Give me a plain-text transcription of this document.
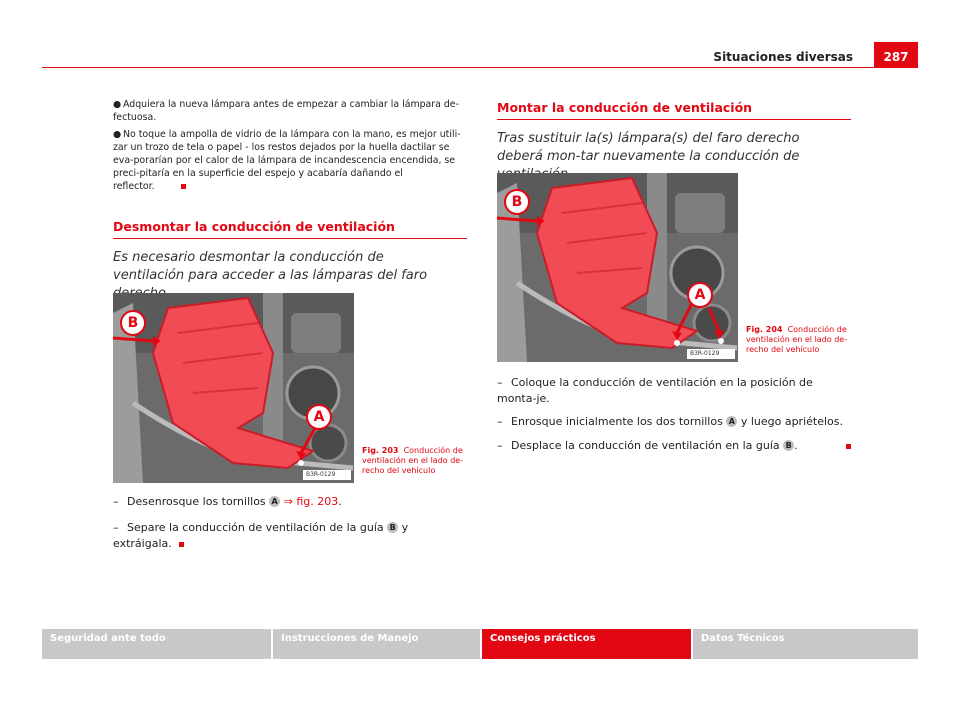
Situaciones diversas	287
● Adquiera la nueva lámpara antes de empezar a cambiar la lámpara de-fectuosa.
● No toque la ampolla de vidrio de la lámpara con la mano, es mejor utili-zar un trozo de tela o papel - los restos dejados por la huella dactilar se eva-porarían por el calor de la lámpara de incandescencia encendida, se preci-pitaría en la superficie del espejo y acabaría dañando el reflector.
Desmontar la conducción de ventilación
Es necesario desmontar la conducción de ventilación para acceder a las lámparas del faro
B
A
B3R-0129
Fig. 203 Conducción de ventilación en el lado de-recho del vehículo
– Desenrosque los tornillos A ⇒ fig. 203.
– Separe la conducción de ventilación de la guía B y extráigala.
Montar la conducción de ventilación
Tras sustituir la(s) lámpara(s) del faro derecho deberá mon-tar nuevamente la conducción de
B
A
B3R-0129
Fig. 204 Conducción de ventilación en el lado de-recho del vehículo
– Coloque la conducción de ventilación en la posición de monta-je.
– Enrosque inicialmente los dos tornillos A y luego apriételos.
– Desplace la conducción de ventilación en la guía B .
Seguridad ante todo	Instrucciones de Manejo	Consejos prácticos	Datos Técnicos
